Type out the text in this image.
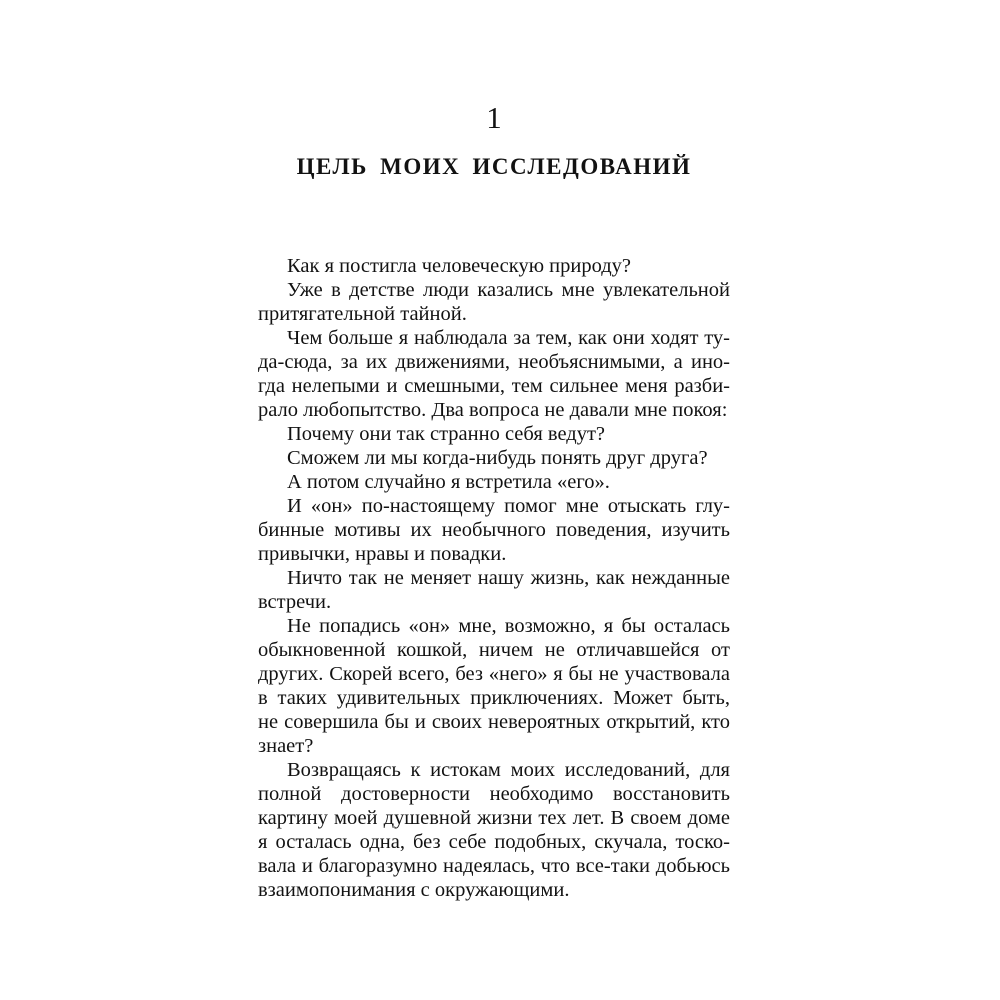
1
ЦЕЛЬ МОИХ ИССЛЕДОВАНИЙ
Как я постигла человеческую природу?
Уже в детстве люди казались мне увлекательной
притягательной тайной.
Чем больше я наблюдала за тем, как они ходят ту-
да-сюда, за их движениями, необъяснимыми, а ино-
гда нелепыми и смешными, тем сильнее меня разби-
рало любопытство. Два вопроса не давали мне покоя:
Почему они так странно себя ведут?
Сможем ли мы когда-нибудь понять друг друга?
А потом случайно я встретила «его».
И «он» по-настоящему помог мне отыскать глу-
бинные мотивы их необычного поведения, изучить
привычки, нравы и повадки.
Ничто так не меняет нашу жизнь, как нежданные
встречи.
Не попадись «он» мне, возможно, я бы осталась
обыкновенной кошкой, ничем не отличавшейся от
других. Скорей всего, без «него» я бы не участвовала
в таких удивительных приключениях. Может быть,
не совершила бы и своих невероятных открытий, кто
знает?
Возвращаясь к истокам моих исследований, для
полной достоверности необходимо восстановить
картину моей душевной жизни тех лет. В своем доме
я осталась одна, без себе подобных, скучала, тоско-
вала и благоразумно надеялась, что все-таки добьюсь
взаимопонимания с окружающими.
